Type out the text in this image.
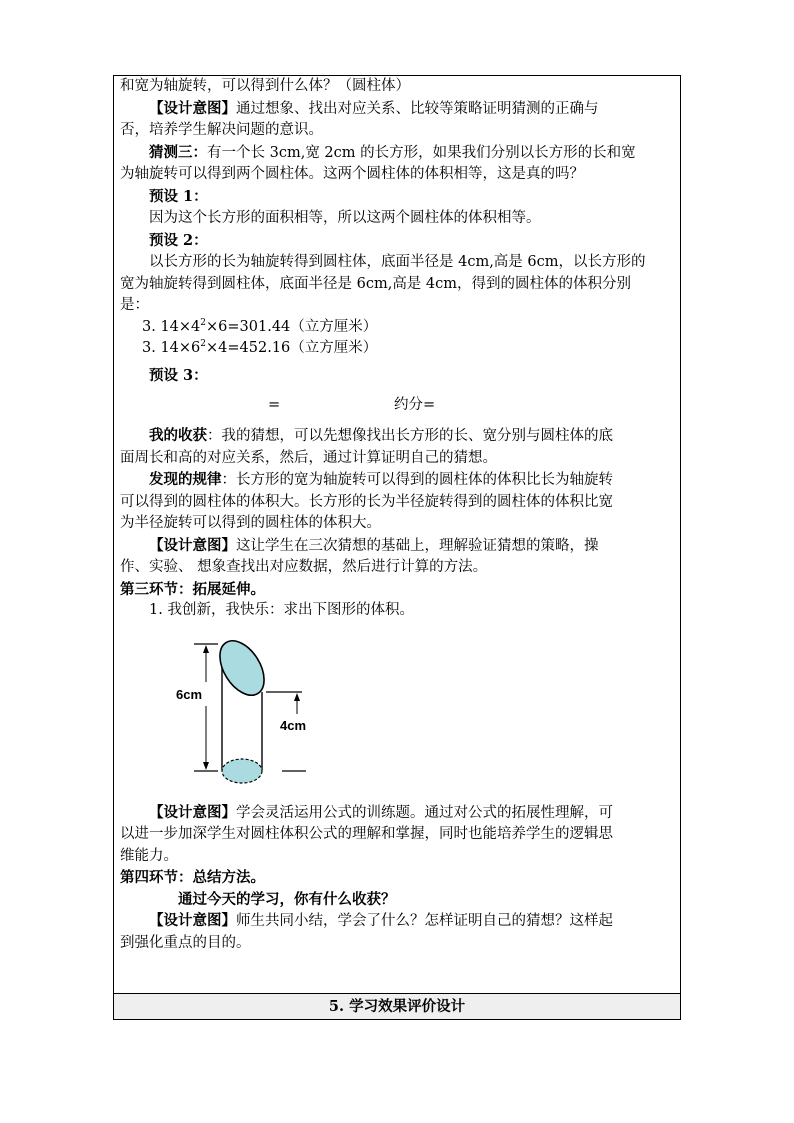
和宽为轴旋转，可以得到什么体？（圆柱体）

【设计意图】通过想象、找出对应关系、比较等策略证明猜测的正确与

否，培养学生解决问题的意识。

猜测三：有一个长 3cm,宽 2cm 的长方形，如果我们分别以长方形的长和宽

为轴旋转可以得到两个圆柱体。这两个圆柱体的体积相等，这是真的吗？

预设 1：

因为这个长方形的面积相等，所以这两个圆柱体的体积相等。

预设 2：

以长方形的长为轴旋转得到圆柱体，底面半径是 4cm,高是 6cm，以长方形的

宽为轴旋转得到圆柱体，底面半径是 6cm,高是 4cm，得到的圆柱体的体积分别

是：

3. $14\times 4^2\times 6=301.44$（立方厘米）

3. $14\times 6^2\times 4=452.16$（立方厘米）

预设 3：

=	约分=

我的收获：我的猜想，可以先想像找出长方形的长、宽分别与圆柱体的底

面周长和高的对应关系，然后，通过计算证明自己的猜想。

发现的规律：长方形的宽为轴旋转可以得到的圆柱体的体积比长为轴旋转

可以得到的圆柱体的体积大。长方形的长为半径旋转得到的圆柱体的体积比宽

为半径旋转可以得到的圆柱体的体积大。

【设计意图】这让学生在三次猜想的基础上，理解验证猜想的策略，操

作、实验、 想象查找出对应数据，然后进行计算的方法。

第三环节：拓展延伸。

1. 我创新，我快乐：求出下图形的体积。

6cm
4cm

【设计意图】学会灵活运用公式的训练题。通过对公式的拓展性理解，可

以进一步加深学生对圆柱体积公式的理解和掌握，同时也能培养学生的逻辑思

维能力。

第四环节：总结方法。

通过今天的学习，你有什么收获？

【设计意图】师生共同小结，学会了什么？怎样证明自己的猜想？这样起

到强化重点的目的。

5. 学习效果评价设计
